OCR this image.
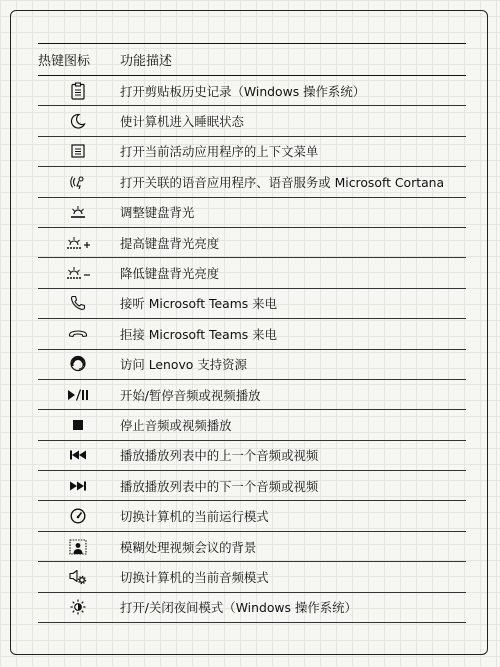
热键图标	功能描述
打开剪贴板历史记录（Windows 操作系统）
使计算机进入睡眠状态
打开当前活动应用程序的上下文菜单
打开关联的语音应用程序、语音服务或 Microsoft Cortana
调整键盘背光
提高键盘背光亮度
降低键盘背光亮度
接听 Microsoft Teams 来电
拒接 Microsoft Teams 来电
访问 Lenovo 支持资源
开始/暂停音频或视频播放
停止音频或视频播放
播放播放列表中的上一个音频或视频
播放播放列表中的下一个音频或视频
切换计算机的当前运行模式
模糊处理视频会议的背景
切换计算机的当前音频模式
打开/关闭夜间模式（Windows 操作系统）
